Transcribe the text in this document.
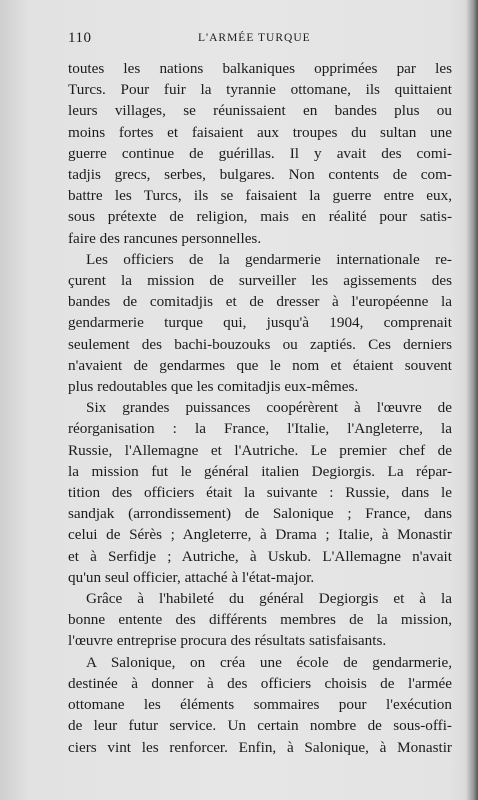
110	L'ARMÉE TURQUE

toutes les nations balkaniques opprimées par les
Turcs. Pour fuir la tyrannie ottomane, ils quittaient
leurs villages, se réunissaient en bandes plus ou
moins fortes et faisaient aux troupes du sultan une
guerre continue de guérillas. Il y avait des comi-
tadjis grecs, serbes, bulgares. Non contents de com-
battre les Turcs, ils se faisaient la guerre entre eux,
sous prétexte de religion, mais en réalité pour satis-
faire des rancunes personnelles.

Les officiers de la gendarmerie internationale re-
çurent la mission de surveiller les agissements des
bandes de comitadjis et de dresser à l'européenne la
gendarmerie turque qui, jusqu'à 1904, comprenait
seulement des bachi-bouzouks ou zaptiés. Ces derniers
n'avaient de gendarmes que le nom et étaient souvent
plus redoutables que les comitadjis eux-mêmes.

Six grandes puissances coopérèrent à l'œuvre de
réorganisation : la France, l'Italie, l'Angleterre, la
Russie, l'Allemagne et l'Autriche. Le premier chef de
la mission fut le général italien Degiorgis. La répar-
tition des officiers était la suivante : Russie, dans le
sandjak (arrondissement) de Salonique ; France, dans
celui de Sérès ; Angleterre, à Drama ; Italie, à Monastir
et à Serfidje ; Autriche, à Uskub. L'Allemagne n'avait
qu'un seul officier, attaché à l'état-major.

Grâce à l'habileté du général Degiorgis et à la
bonne entente des différents membres de la mission,
l'œuvre entreprise procura des résultats satisfaisants.

A Salonique, on créa une école de gendarmerie,
destinée à donner à des officiers choisis de l'armée
ottomane les éléments sommaires pour l'exécution
de leur futur service. Un certain nombre de sous-offi-
ciers vint les renforcer. Enfin, à Salonique, à Monastir
